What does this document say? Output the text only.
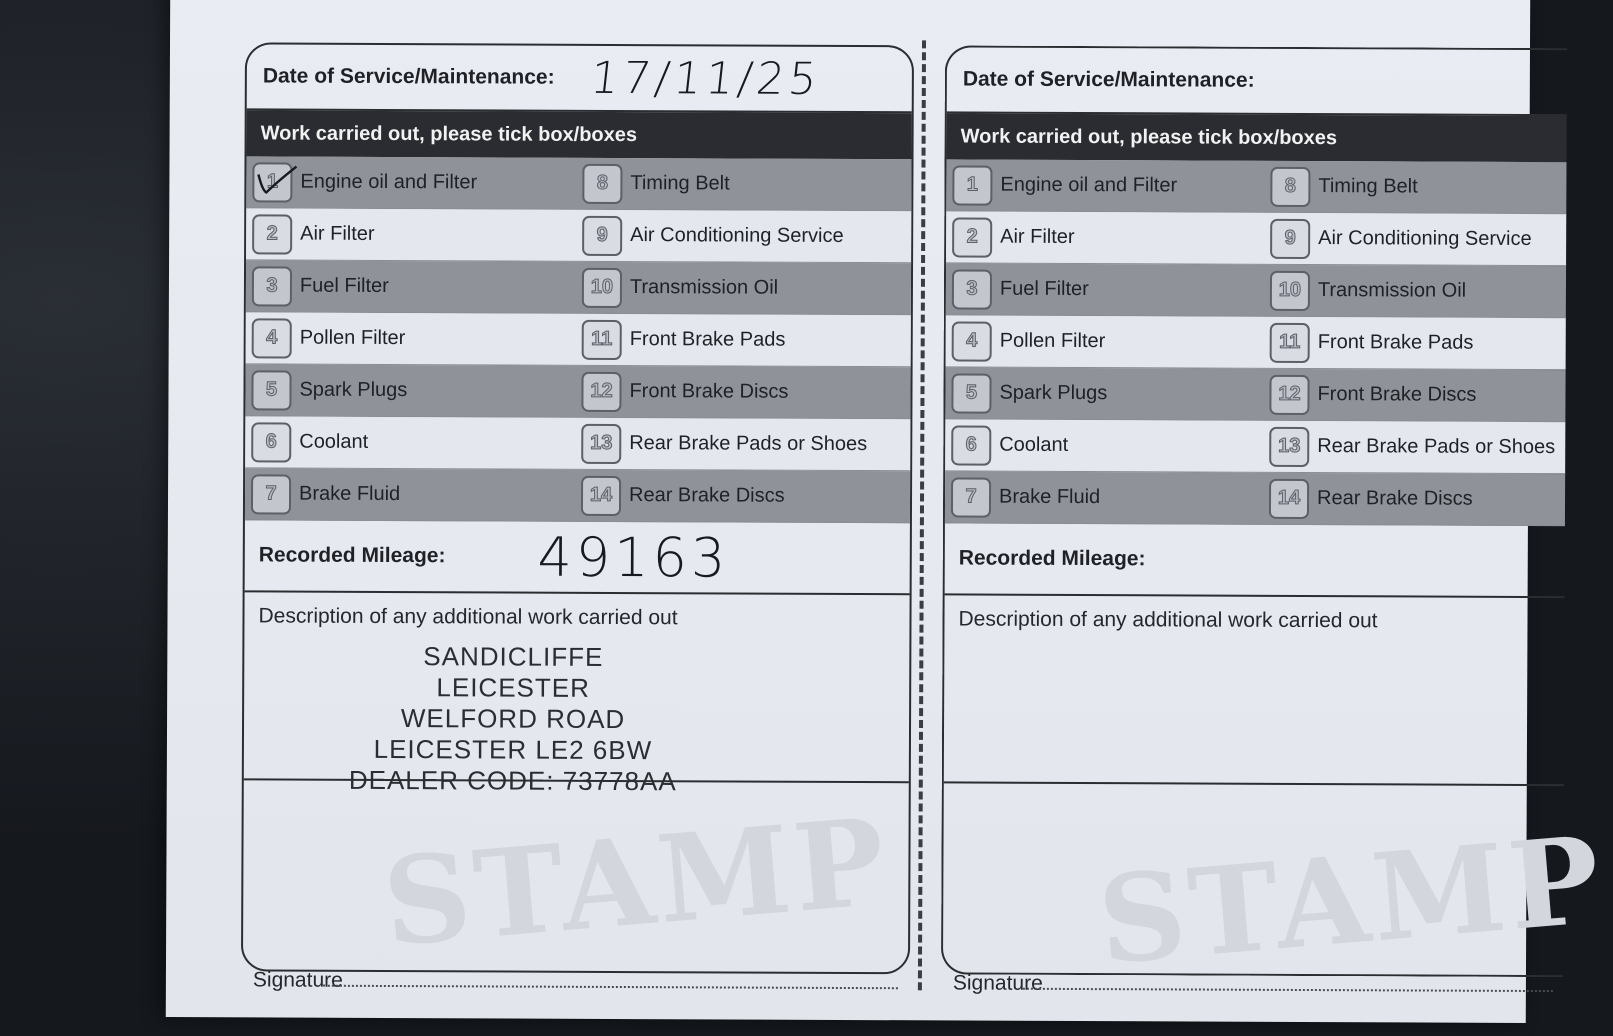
Date of Service/Maintenance: 17/11/25
Work carried out, please tick box/boxes
1	Engine oil and Filter	8	Timing Belt
2	Air Filter	9	Air Conditioning Service
3	Fuel Filter	10 Transmission Oil
4	Pollen Filter	11 Front Brake Pads
5	Spark Plugs	12 Front Brake Discs
6	Coolant	13 Rear Brake Pads or Shoes
7	Brake Fluid	14 Rear Brake Discs
Recorded Mileage: 49163
Description of any additional work carried out
SANDICLIFFE LEICESTER
WELFORD ROAD
LEICESTER LE2 6BW
DEALER CODE: 73778AA
STAMP
Signature
Date of Service/Maintenance:
Work carried out, please tick box/boxes
1	Engine oil and Filter	8	Timing Belt
2	Air Filter	9	Air Conditioning Service
3	Fuel Filter	10 Transmission Oil
4	Pollen Filter	11 Front Brake Pads
5	Spark Plugs	12 Front Brake Discs
6	Coolant	13 Rear Brake Pads or Shoes
7	Brake Fluid	14 Rear Brake Discs
Recorded Mileage:
Description of any additional work carried out
STAMP
Signature
